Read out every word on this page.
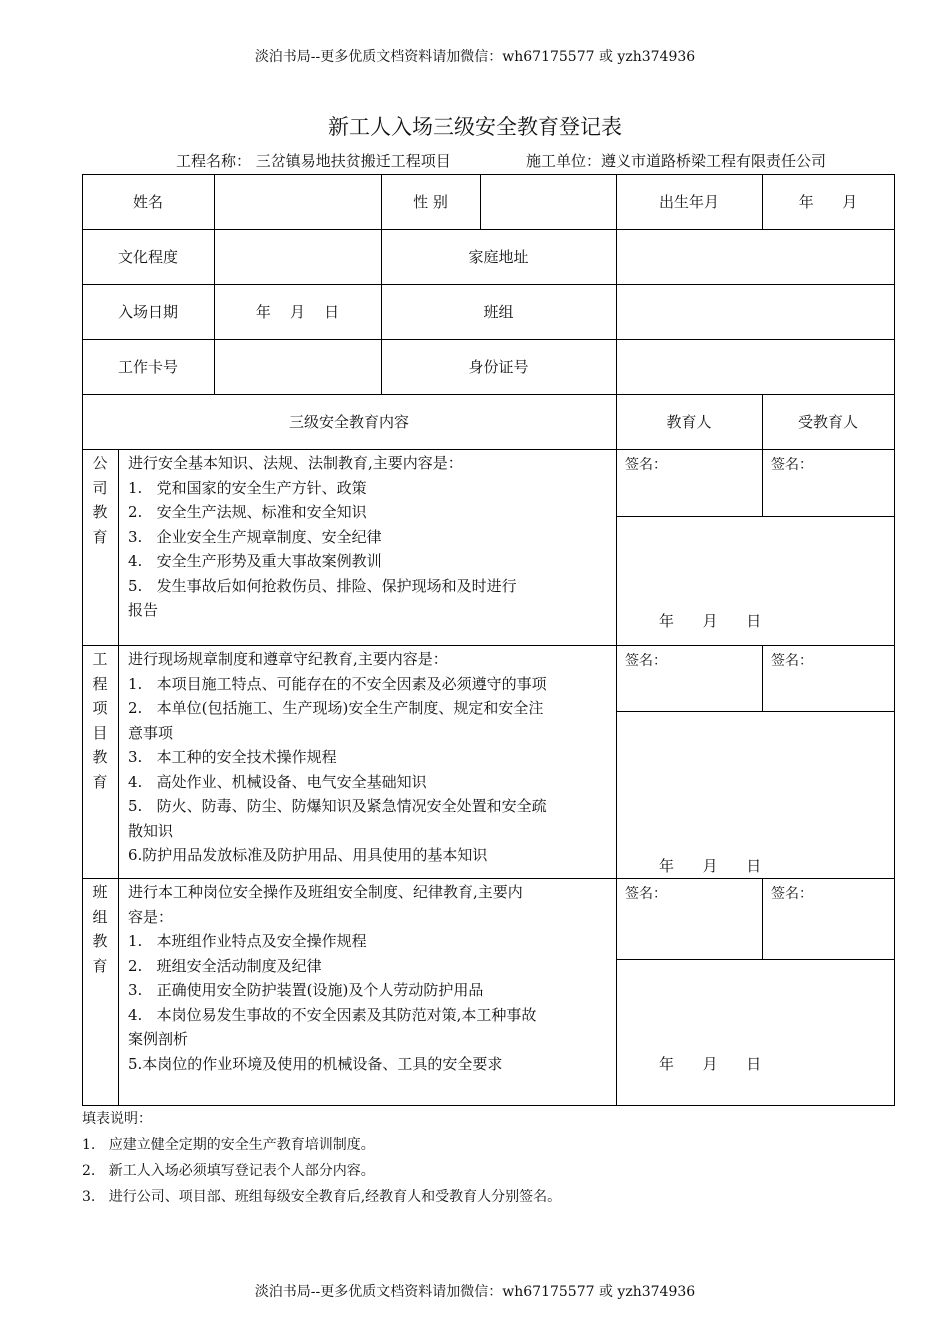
淡泊书局--更多优质文档资料请加微信：wh67175577 或 yzh374936
新工人入场三级安全教育登记表
工程名称： 三岔镇易地扶贫搬迁工程项目	施工单位：遵义市道路桥梁工程有限责任公司
姓名	性 别	出生年月	年      月
文化程度	家庭地址
入场日期	年    月    日	班组
工作卡号	身份证号
三级安全教育内容	教育人	受教育人
公
司
教
育
进行安全基本知识、法规、法制教育,主要内容是：
1.   党和国家的安全生产方针、政策
2.   安全生产法规、标准和安全知识
3.   企业安全生产规章制度、安全纪律
4.   安全生产形势及重大事故案例教训
5.   发生事故后如何抢救伤员、排险、保护现场和及时进行
报告
签名：	签名：
年      月      日
工
程
项
目
教
育
进行现场规章制度和遵章守纪教育,主要内容是：
1.   本项目施工特点、可能存在的不安全因素及必须遵守的事项
2.   本单位(包括施工、生产现场)安全生产制度、规定和安全注
意事项
3.   本工种的安全技术操作规程
4.   高处作业、机械设备、电气安全基础知识
5.   防火、防毒、防尘、防爆知识及紧急情况安全处置和安全疏
散知识
6.防护用品发放标准及防护用品、用具使用的基本知识
签名：	签名：
年      月      日
班
组
教
育
进行本工种岗位安全操作及班组安全制度、纪律教育,主要内
容是：
1.   本班组作业特点及安全操作规程
2.   班组安全活动制度及纪律
3.   正确使用安全防护装置(设施)及个人劳动防护用品
4.   本岗位易发生事故的不安全因素及其防范对策,本工种事故
案例剖析
5.本岗位的作业环境及使用的机械设备、工具的安全要求
签名：	签名：
年      月      日
填表说明：
1.   应建立健全定期的安全生产教育培训制度。
2.   新工人入场必须填写登记表个人部分内容。
3.   进行公司、项目部、班组每级安全教育后,经教育人和受教育人分别签名。
淡泊书局--更多优质文档资料请加微信：wh67175577 或 yzh374936
